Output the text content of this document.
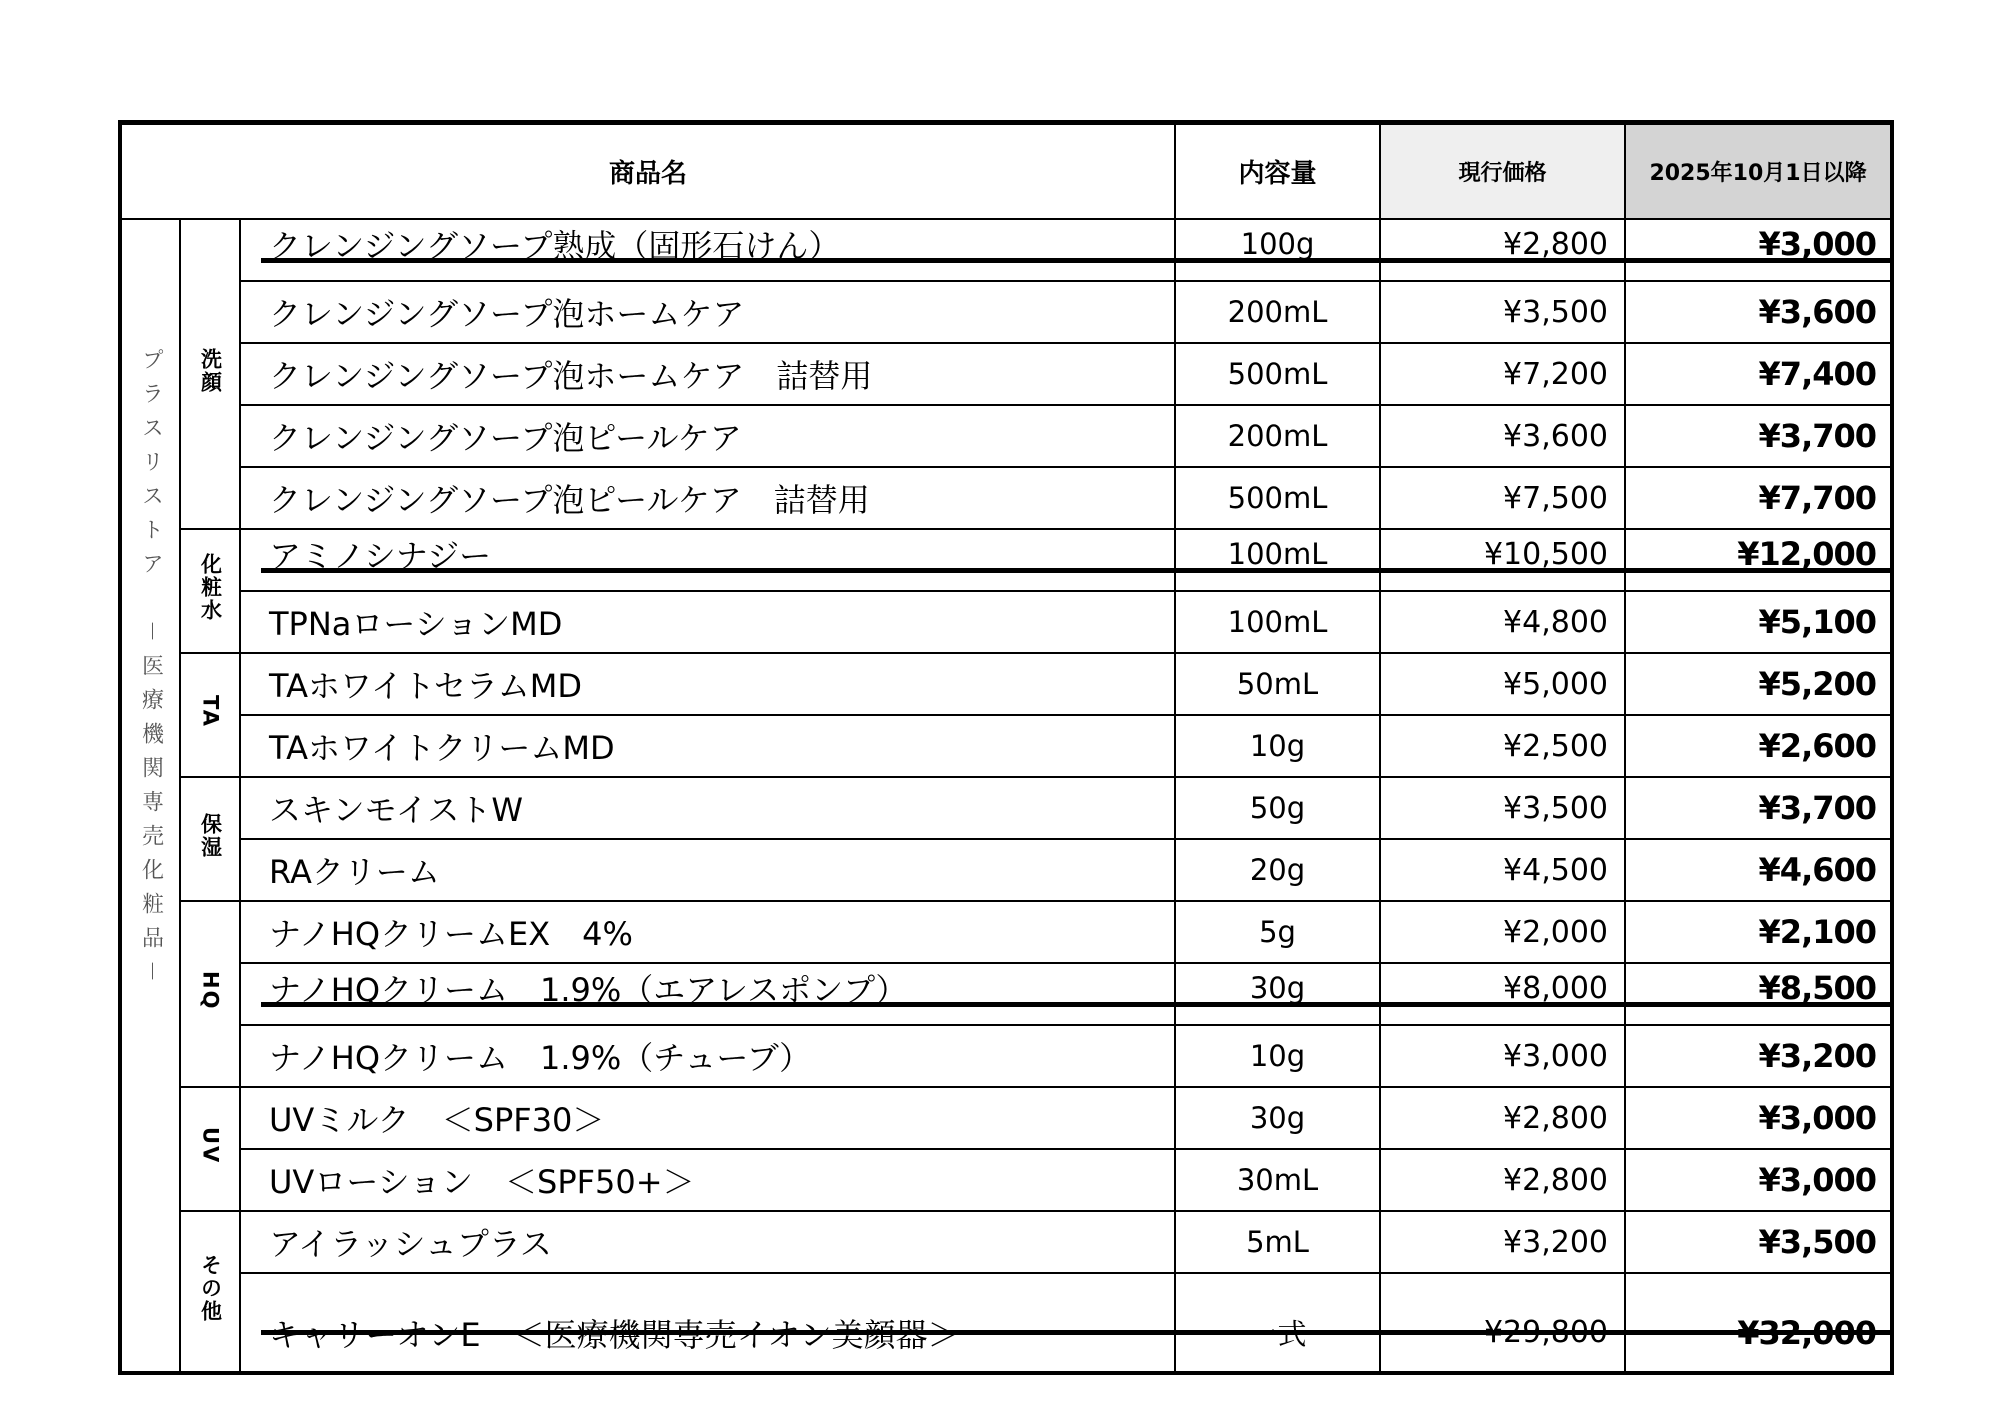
商品名			内容量	現行価格	2025年10月1日以降
プラスリストア　－医療機関専売化粧品－	洗顔	クレンジングソープ熟成（固形石けん）	100g	¥2,800	¥3,000
		クレンジングソープ泡ホームケア	200mL	¥3,500	¥3,600
		クレンジングソープ泡ホームケア　詰替用	500mL	¥7,200	¥7,400
		クレンジングソープ泡ピールケア	200mL	¥3,600	¥3,700
		クレンジングソープ泡ピールケア　詰替用	500mL	¥7,500	¥7,700
	化粧水	アミノシナジー	100mL	¥10,500	¥12,000
		TPNaローションMD	100mL	¥4,800	¥5,100
	TA	TAホワイトセラムMD	50mL	¥5,000	¥5,200
		TAホワイトクリームMD	10g	¥2,500	¥2,600
	保湿	スキンモイストW	50g	¥3,500	¥3,700
		RAクリーム	20g	¥4,500	¥4,600
	HQ	ナノHQクリームEX　4%	5g	¥2,000	¥2,100
		ナノHQクリーム　1.9%（エアレスポンプ）	30g	¥8,000	¥8,500
		ナノHQクリーム　1.9%（チューブ）	10g	¥3,000	¥3,200
	UV	UVミルク　＜SPF30＞	30g	¥2,800	¥3,000
		UVローション　＜SPF50+＞	30mL	¥2,800	¥3,000
	その他	アイラッシュプラス	5mL	¥3,200	¥3,500
		キャリーオンE　＜医療機関専売イオン美顔器＞	一式	¥29,800	¥32,000
